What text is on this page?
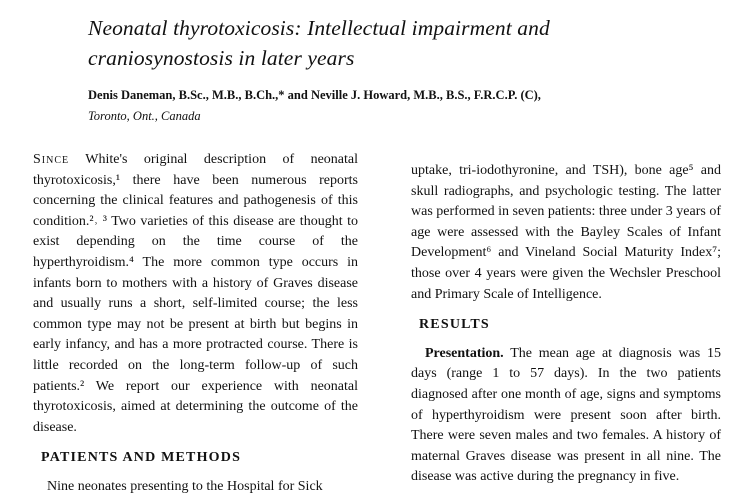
Neonatal thyrotoxicosis: Intellectual impairment and
craniosynostosis in later years

Denis Daneman, B.Sc., M.B., B.Ch.,* and Neville J. Howard, M.B., B.S., F.R.C.P. (C),

Toronto, Ont., Canada

Since White's original description of neonatal thyrotoxicosis,¹ there have been numerous reports concerning the clinical features and pathogenesis of this condition.²˒ ³ Two varieties of this disease are thought to exist depending on the time course of the hyperthyroidism.⁴ The more common type occurs in infants born to mothers with a history of Graves disease and usually runs a short, self-limited course; the less common type may not be present at birth but begins in early infancy, and has a more protracted course. There is little recorded on the long-term follow-up of such patients.² We report our experience with neonatal thyrotoxicosis, aimed at determining the outcome of the disease.

PATIENTS AND METHODS

Nine neonates presenting to the Hospital for Sick

uptake, tri-iodothyronine, and TSH), bone age⁵ and skull radiographs, and psychologic testing. The latter was performed in seven patients: three under 3 years of age were assessed with the Bayley Scales of Infant Development⁶ and Vineland Social Maturity Index⁷; those over 4 years were given the Wechsler Preschool and Primary Scale of Intelligence.

RESULTS

Presentation. The mean age at diagnosis was 15 days (range 1 to 57 days). In the two patients diagnosed after one month of age, signs and symptoms of hyperthyroidism were present soon after birth. There were seven males and two females. A history of maternal Graves disease was present in all nine. The disease was active during the pregnancy in five.
